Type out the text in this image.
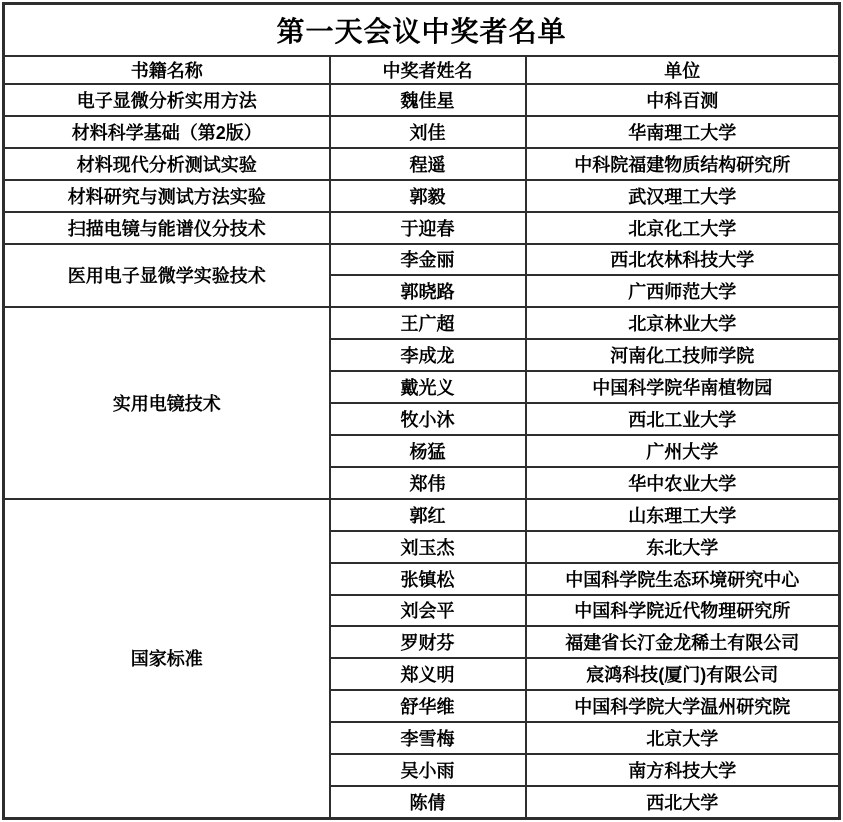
第一天会议中奖者名单		
书籍名称	中奖者姓名	单位
电子显微分析实用方法	魏佳星	中科百测
材料科学基础（第2版）	刘佳	华南理工大学
材料现代分析测试实验	程遥	中科院福建物质结构研究所
材料研究与测试方法实验	郭毅	武汉理工大学
扫描电镜与能谱仪分技术	于迎春	北京化工大学
医用电子显微学实验技术	李金丽	西北农林科技大学
	郭晓路	广西师范大学
实用电镜技术	王广超	北京林业大学
	李成龙	河南化工技师学院
	戴光义	中国科学院华南植物园
	牧小沐	西北工业大学
	杨猛	广州大学
	郑伟	华中农业大学
国家标准	郭红	山东理工大学
	刘玉杰	东北大学
	张镇松	中国科学院生态环境研究中心
	刘会平	中国科学院近代物理研究所
	罗财芬	福建省长汀金龙稀土有限公司
	郑义明	宸鸿科技(厦门)有限公司
	舒华维	中国科学院大学温州研究院
	李雪梅	北京大学
	吴小雨	南方科技大学
	陈倩	西北大学
